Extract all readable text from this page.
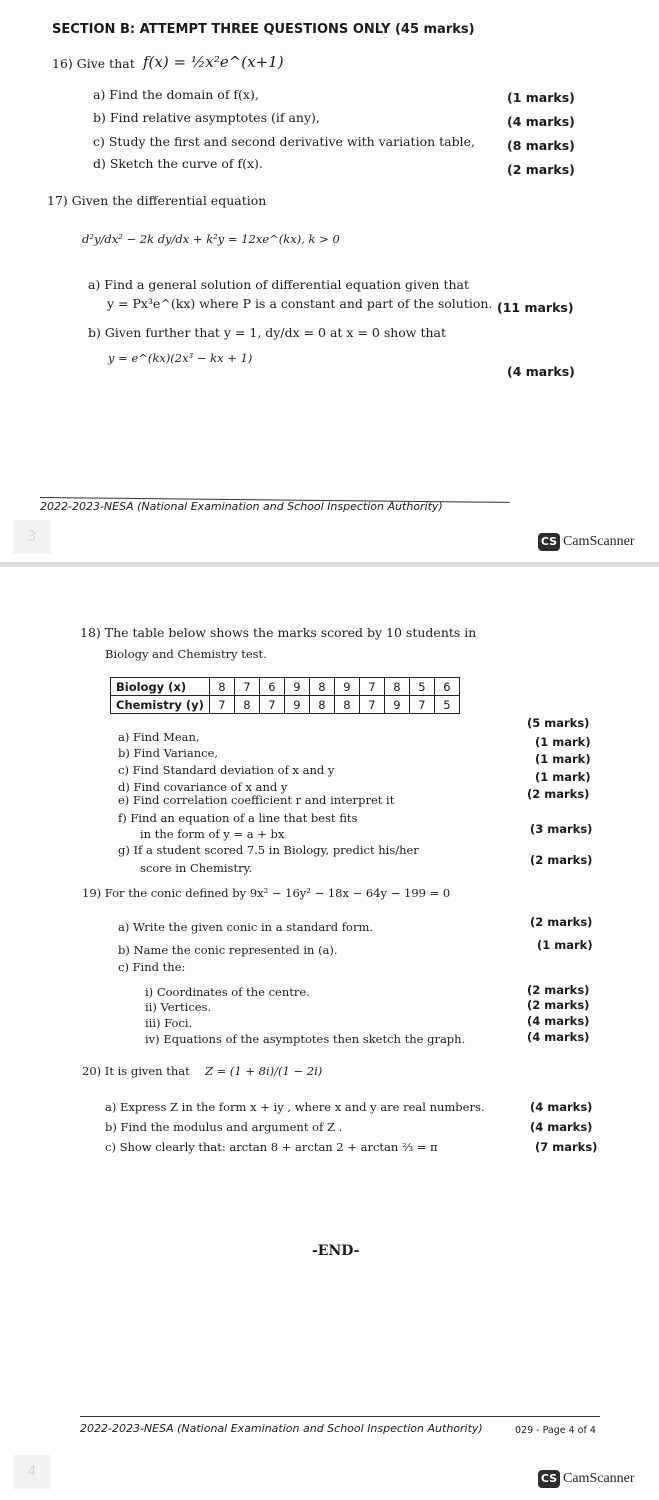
SECTION B: ATTEMPT THREE QUESTIONS ONLY (45 marks)
16) Give that f(x) = ½x²e^(x+1)
a) Find the domain of f(x),	(1 marks)
b) Find relative asymptotes (if any),	(4 marks)
c) Study the first and second derivative with variation table,	(8 marks)
d) Sketch the curve of f(x).	(2 marks)
17) Given the differential equation
d²y/dx² − 2k dy/dx + k²y = 12xe^(kx), k > 0
a) Find a general solution of differential equation given that
y = Px³e^(kx) where P is a constant and part of the solution. (11 marks)
b) Given further that y = 1, dy/dx = 0 at x = 0 show that
y = e^(kx)(2x³ − kx + 1)
(4 marks)
2022-2023-NESA (National Examination and School Inspection Authority)
3	CS CamScanner
18) The table below shows the marks scored by 10 students in
Biology and Chemistry test.
Biology (x)	8	7	6	9	8	9	7	8	5	6
Chemistry (y)	7	8	7	9	8	8	7	9	7	5
a) Find Mean,
(5 marks)
b) Find Variance,
(1 mark)
c) Find Standard deviation of x and y
(1 mark)
d) Find covariance of x and y
(1 mark)
e) Find correlation coefficient r and interpret it	(2 marks)
f) Find an equation of a line that best fits
in the form of y = a + bx	(3 marks)
g) If a student scored 7.5 in Biology, predict his/her
score in Chemistry.
(2 marks)
19) For the conic defined by 9x² − 16y² − 18x − 64y − 199 = 0
a) Write the given conic in a standard form.	(2 marks)
b) Name the conic represented in (a).	(1 mark)
c) Find the:
i) Coordinates of the centre.	(2 marks)
ii) Vertices.	(2 marks)
iii) Foci.	(4 marks)
iv) Equations of the asymptotes then sketch the graph.	(4 marks)
20) It is given that Z = (1 + 8i)/(1 − 2i)
a) Express Z in the form x + iy , where x and y are real numbers.	(4 marks)
b) Find the modulus and argument of Z .	(4 marks)
c) Show clearly that: arctan 8 + arctan 2 + arctan ⅔ = π	(7 marks)
-END-
2022-2023-NESA (National Examination and School Inspection Authority)	029 - Page 4 of 4
4	CS CamScanner
